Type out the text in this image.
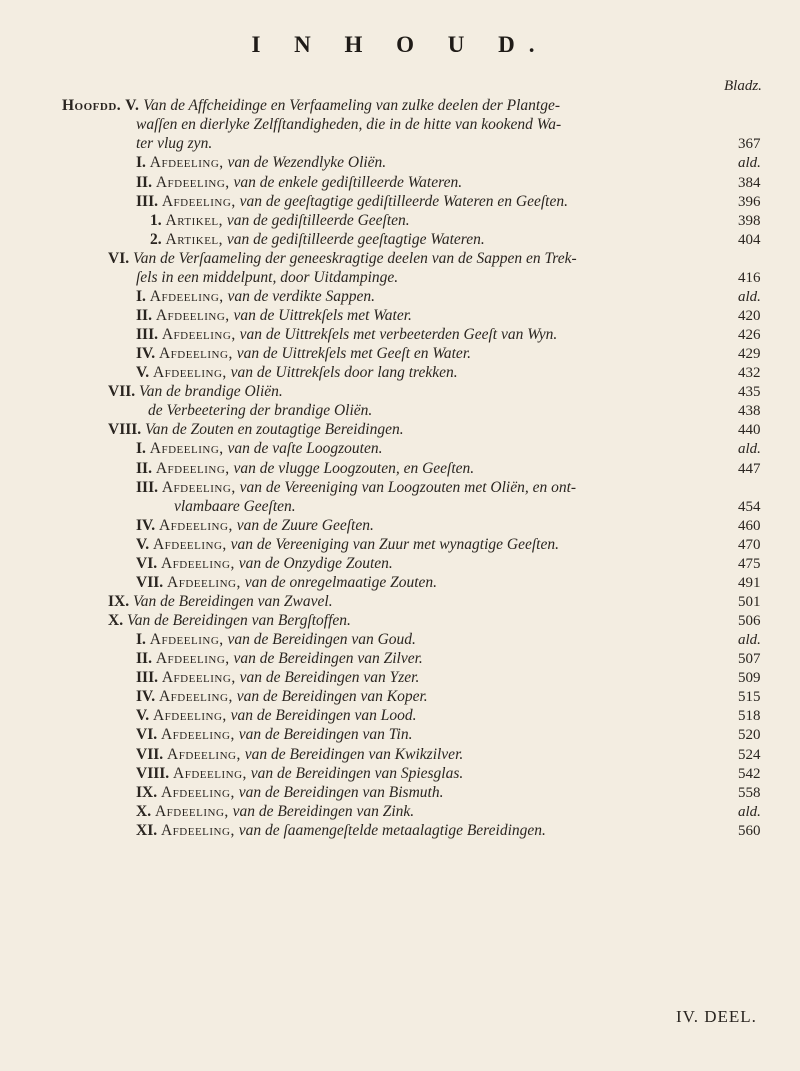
I N H O U D.
Bladz.
Hoofdd. V. Van de Affcheidinge en Verfaameling van zulke deelen der Plantge-
waſſen en dierlyke Zelfſtandigheden, die in de hitte van kookend Wa-
ter vlug zyn.	367
I. Afdeeling, van de Wezendlyke Oliën.	ald.
II. Afdeeling, van de enkele gediſtilleerde Wateren.	384
III. Afdeeling, van de geeſtagtige gediſtilleerde Wateren en Geeſten.	396
1. Artikel, van de gediſtilleerde Geeſten.	398
2. Artikel, van de gediſtilleerde geeſtagtige Wateren.	404
VI. Van de Verſaameling der geneeskragtige deelen van de Sappen en Trek-
ſels in een middelpunt, door Uitdampinge.	416
I. Afdeeling, van de verdikte Sappen.	ald.
II. Afdeeling, van de Uittrekſels met Water.	420
III. Afdeeling, van de Uittrekſels met verbeeterden Geeſt van Wyn.	426
IV. Afdeeling, van de Uittrekſels met Geeſt en Water.	429
V. Afdeeling, van de Uittrekſels door lang trekken.	432
VII. Van de brandige Oliën.	435
de Verbeetering der brandige Oliën.	438
VIII. Van de Zouten en zoutagtige Bereidingen.	440
I. Afdeeling, van de vaſte Loogzouten.	ald.
II. Afdeeling, van de vlugge Loogzouten, en Geeſten.	447
III. Afdeeling, van de Vereeniging van Loogzouten met Oliën, en ont-
vlambaare Geeſten.	454
IV. Afdeeling, van de Zuure Geeſten.	460
V. Afdeeling, van de Vereeniging van Zuur met wynagtige Geeſten.	470
VI. Afdeeling, van de Onzydige Zouten.	475
VII. Afdeeling, van de onregelmaatige Zouten.	491
IX. Van de Bereidingen van Zwavel.	501
X. Van de Bereidingen van Bergſtoffen.	506
I. Afdeeling, van de Bereidingen van Goud.	ald.
II. Afdeeling, van de Bereidingen van Zilver.	507
III. Afdeeling, van de Bereidingen van Yzer.	509
IV. Afdeeling, van de Bereidingen van Koper.	515
V. Afdeeling, van de Bereidingen van Lood.	518
VI. Afdeeling, van de Bereidingen van Tin.	520
VII. Afdeeling, van de Bereidingen van Kwikzilver.	524
VIII. Afdeeling, van de Bereidingen van Spiesglas.	542
IX. Afdeeling, van de Bereidingen van Bismuth.	558
X. Afdeeling, van de Bereidingen van Zink.	ald.
XI. Afdeeling, van de ſaamengeſtelde metaalagtige Bereidingen.	560
IV. DEEL.
